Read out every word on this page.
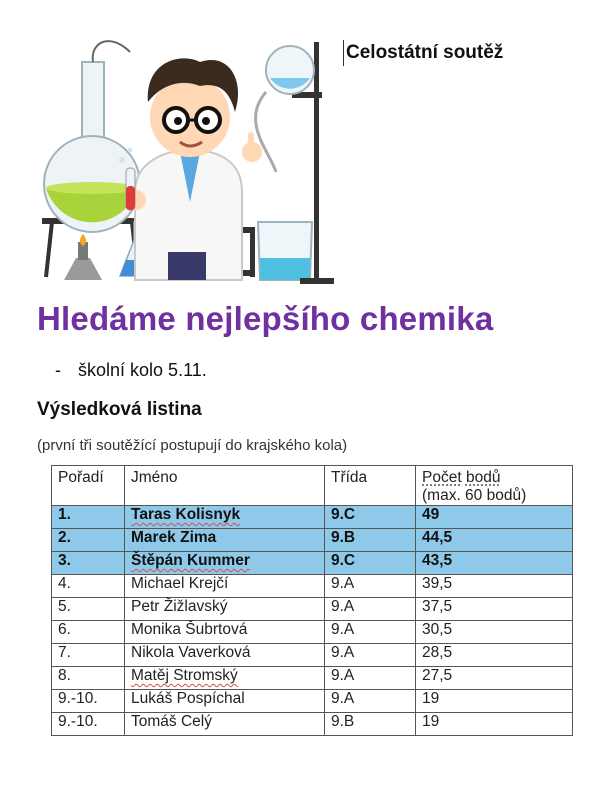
Celostátní soutěž
Hledáme nejlepšího chemika
- školní kolo 5.11.
Výsledková listina
(první tři soutěžící postupují do krajského kola)
Pořadí	Jméno	Třída	Počet bodů
(max. 60 bodů)

1.	Taras Kolisnyk	9.C	49
2.	Marek Zima	9.B	44,5
3.	Štěpán Kummer	9.C	43,5
4.	Michael Krejčí	9.A	39,5
5.	Petr Žižlavský	9.A	37,5
6.	Monika Šubrtová	9.A	30,5
7.	Nikola Vaverková	9.A	28,5
8.	Matěj Stromský	9.A	27,5
9.-10.	Lukáš Pospíchal	9.A	19
9.-10.	Tomáš Celý	9.B	19
